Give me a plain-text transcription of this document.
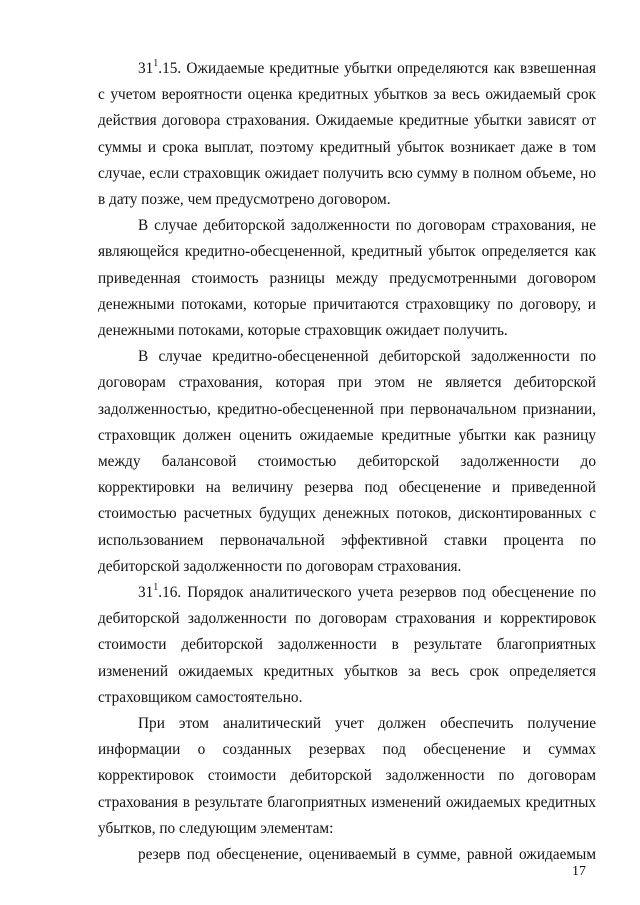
$31^1.15$. Ожидаемые кредитные убытки определяются как взвешенная с учетом вероятности оценка кредитных убытков за весь ожидаемый срок действия договора страхования. Ожидаемые кредитные убытки зависят от суммы и срока выплат, поэтому кредитный убыток возникает даже в том случае, если страховщик ожидает получить всю сумму в полном объеме, но в дату позже, чем предусмотрено договором.

В случае дебиторской задолженности по договорам страхования, не являющейся кредитно-обесцененной, кредитный убыток определяется как приведенная стоимость разницы между предусмотренными договором денежными потоками, которые причитаются страховщику по договору, и денежными потоками, которые страховщик ожидает получить.

В случае кредитно-обесцененной дебиторской задолженности по договорам страхования, которая при этом не является дебиторской задолженностью, кредитно-обесцененной при первоначальном признании, страховщик должен оценить ожидаемые кредитные убытки как разницу между балансовой стоимостью дебиторской задолженности до корректировки на величину резерва под обесценение и приведенной стоимостью расчетных будущих денежных потоков, дисконтированных с использованием первоначальной эффективной ставки процента по дебиторской задолженности по договорам страхования.

$31^1.16$. Порядок аналитического учета резервов под обесценение по дебиторской задолженности по договорам страхования и корректировок стоимости дебиторской задолженности в результате благоприятных изменений ожидаемых кредитных убытков за весь срок определяется страховщиком самостоятельно.

При этом аналитический учет должен обеспечить получение информации о созданных резервах под обесценение и суммах корректировок стоимости дебиторской задолженности по договорам страхования в результате благоприятных изменений ожидаемых кредитных убытков, по следующим элементам:

резерв под обесценение, оцениваемый в сумме, равной ожидаемым

17
